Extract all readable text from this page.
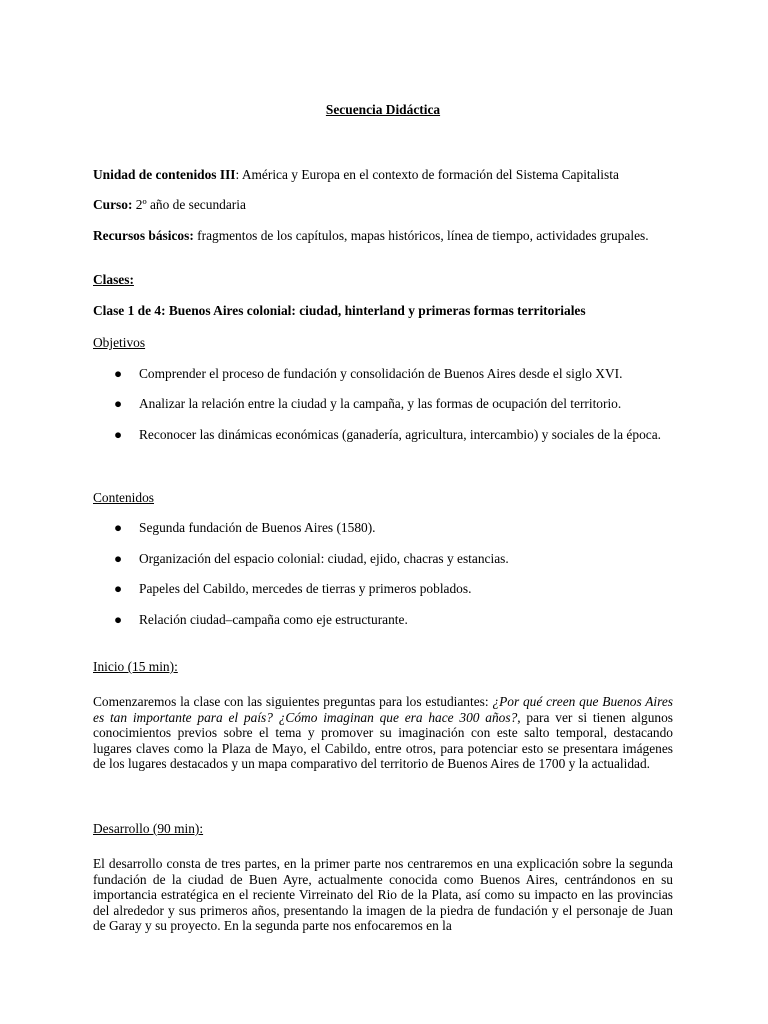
Secuencia Didáctica
Unidad de contenidos III: América y Europa en el contexto de formación del Sistema Capitalista
Curso: 2º año de secundaria
Recursos básicos: fragmentos de los capítulos, mapas históricos, línea de tiempo, actividades grupales.
Clases:
Clase 1 de 4: Buenos Aires colonial: ciudad, hinterland y primeras formas territoriales
Objetivos
● Comprender el proceso de fundación y consolidación de Buenos Aires desde el siglo XVI.
● Analizar la relación entre la ciudad y la campaña, y las formas de ocupación del territorio.
● Reconocer las dinámicas económicas (ganadería, agricultura, intercambio) y sociales de la época.
Contenidos
● Segunda fundación de Buenos Aires (1580).
● Organización del espacio colonial: ciudad, ejido, chacras y estancias.
● Papeles del Cabildo, mercedes de tierras y primeros poblados.
● Relación ciudad–campaña como eje estructurante.
Inicio (15 min):
Comenzaremos la clase con las siguientes preguntas para los estudiantes: ¿Por qué creen que Buenos Aires es tan importante para el país? ¿Cómo imaginan que era hace 300 años?, para ver si tienen algunos conocimientos previos sobre el tema y promover su imaginación con este salto temporal, destacando lugares claves como la Plaza de Mayo, el Cabildo, entre otros, para potenciar esto se presentara imágenes de los lugares destacados y un mapa comparativo del territorio de Buenos Aires de 1700 y la actualidad.
Desarrollo (90 min):
El desarrollo consta de tres partes, en la primer parte nos centraremos en una explicación sobre la segunda fundación de la ciudad de Buen Ayre, actualmente conocida como Buenos Aires, centrándonos en su importancia estratégica en el reciente Virreinato del Rio de la Plata, así como su impacto en las provincias del alrededor y sus primeros años, presentando la imagen de la piedra de fundación y el personaje de Juan de Garay y su proyecto. En la segunda parte nos enfocaremos en la
